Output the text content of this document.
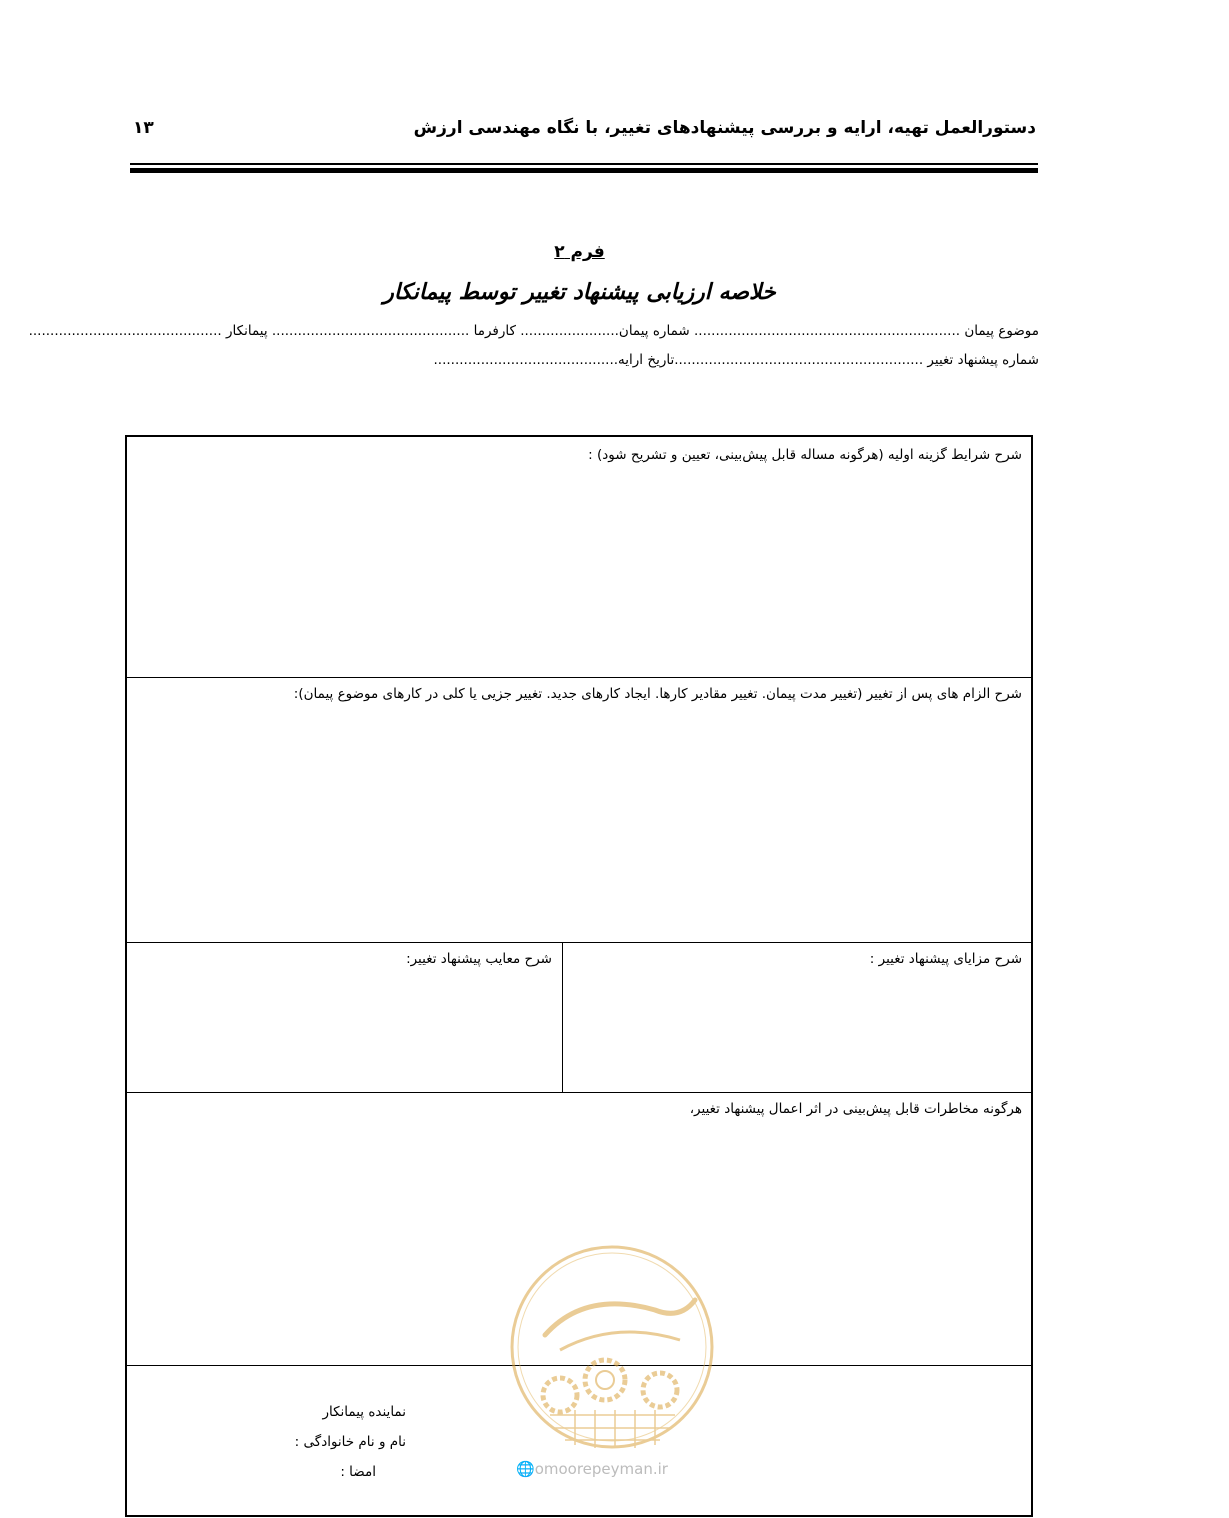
دستورالعمل تهیه، ارایه و بررسی پیشنهادهای تغییر، با نگاه مهندسی ارزش
۱۳
فرم ۲
خلاصه ارزیابی پیشنهاد تغییر توسط پیمانکار
موضوع پیمان .............................................................. شماره پیمان....................... کارفرما .............................................. پیمانکار .............................................
شماره پیشنهاد تغییر ..........................................................تاریخ ارایه...........................................
شرح شرایط گزینه اولیه (هرگونه مساله قابل پیش‌بینی، تعیین و تشریح شود) :
شرح الزام های پس از تغییر (تغییر مدت پیمان. تغییر مقادیر کارها. ایجاد کارهای جدید. تغییر جزیی یا کلی در کارهای موضوع پیمان):
شرح مزایای پیشنهاد تغییر :
شرح معایب پیشنهاد تغییر:
هرگونه مخاطرات قابل پیش‌بینی در اثر اعمال پیشنهاد تغییر،
نماینده پیمانکار
نام و نام خانوادگی :
امضا :	🌐omoorepeyman.ir
